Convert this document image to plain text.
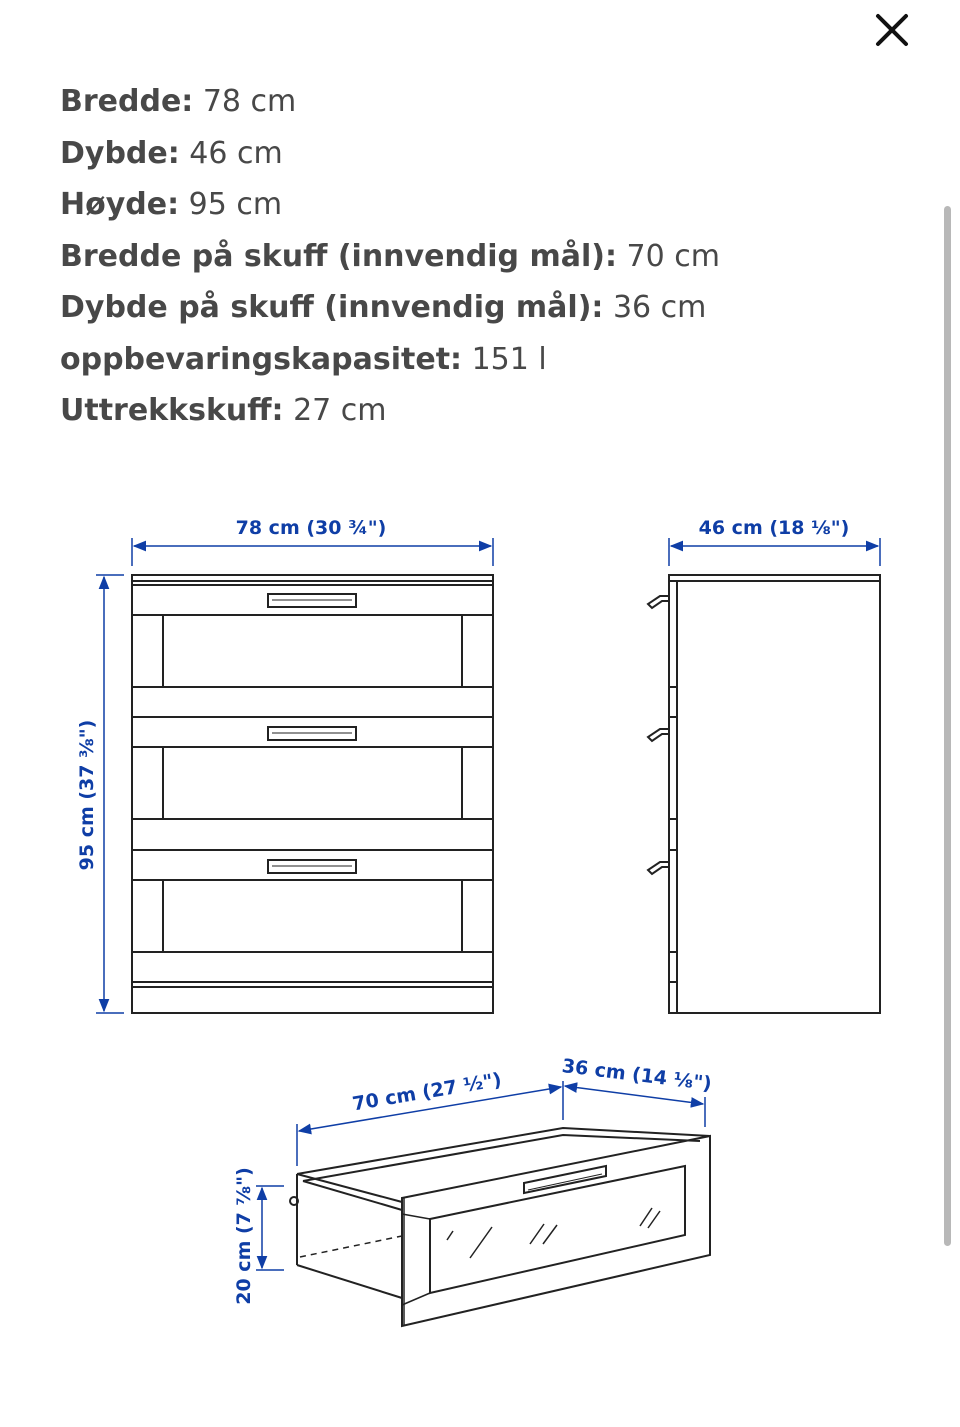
Bredde: 78 cm
Dybde: 46 cm
Høyde: 95 cm
Bredde på skuff (innvendig mål): 70 cm
Dybde på skuff (innvendig mål): 36 cm
oppbevaringskapasitet: 151 l
Uttrekkskuff: 27 cm
78 cm (30 ¾")
95 cm (37 ⅜")
46 cm (18 ⅛")
70 cm (27 ½")	36 cm (14 ⅛")
20 cm (7 ⅞")
